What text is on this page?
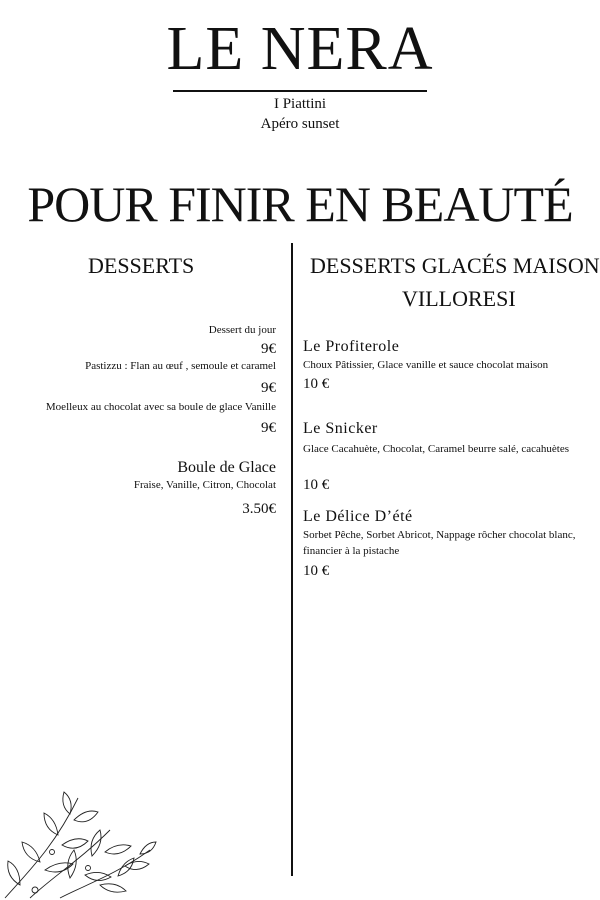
LE NERA
I Piattini
Apéro sunset
POUR FINIR EN BEAUTÉ
DESSERTS
Dessert du jour
9€
Pastizzu : Flan au œuf , semoule et caramel
9€
Moelleux au chocolat avec sa boule de glace Vanille
9€
Boule de Glace
Fraise, Vanille, Citron, Chocolat
3.50€
DESSERTS GLACÉS MAISON
VILLORESI
Le Profiterole
Choux Pâtissier, Glace vanille et sauce chocolat maison
10 €
Le Snicker
Glace Cacahuète, Chocolat, Caramel beurre salé, cacahuètes
10 €
Le Délice D’été
Sorbet Pêche, Sorbet Abricot, Nappage rôcher chocolat blanc, financier à la pistache
10 €
